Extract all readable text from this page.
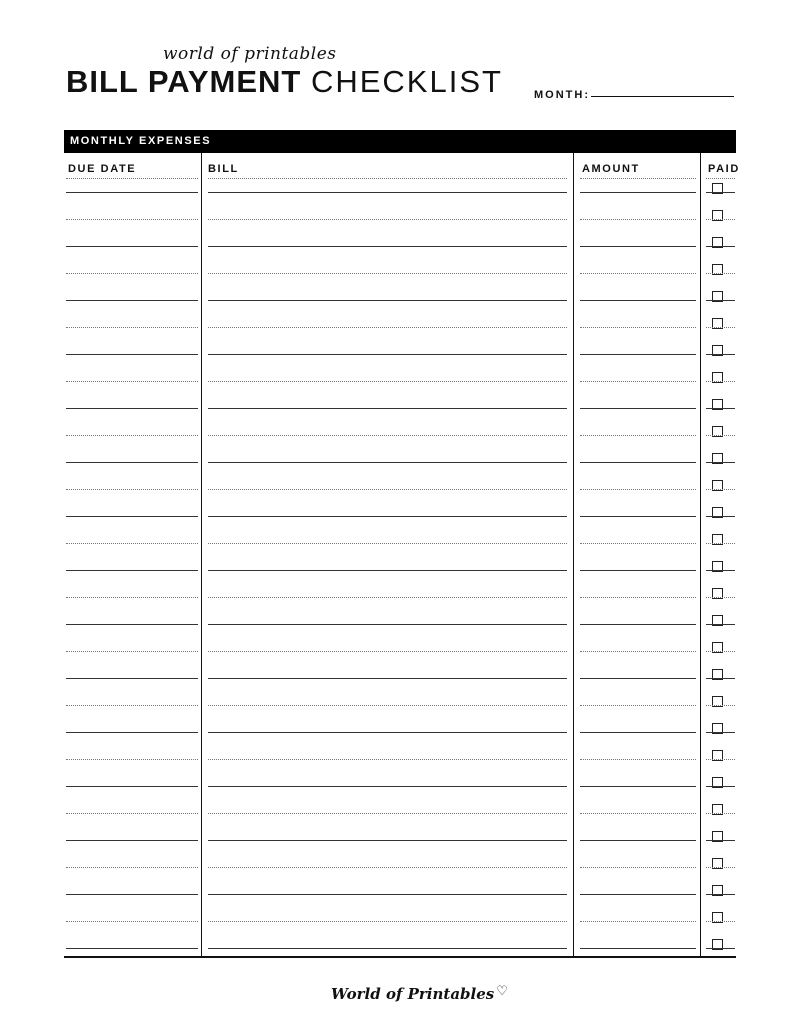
world of printables
BILL PAYMENT CHECKLIST	MONTH:
MONTHLY EXPENSES
DUE DATE	BILL	AMOUNT	PAID
World of Printables ♡
